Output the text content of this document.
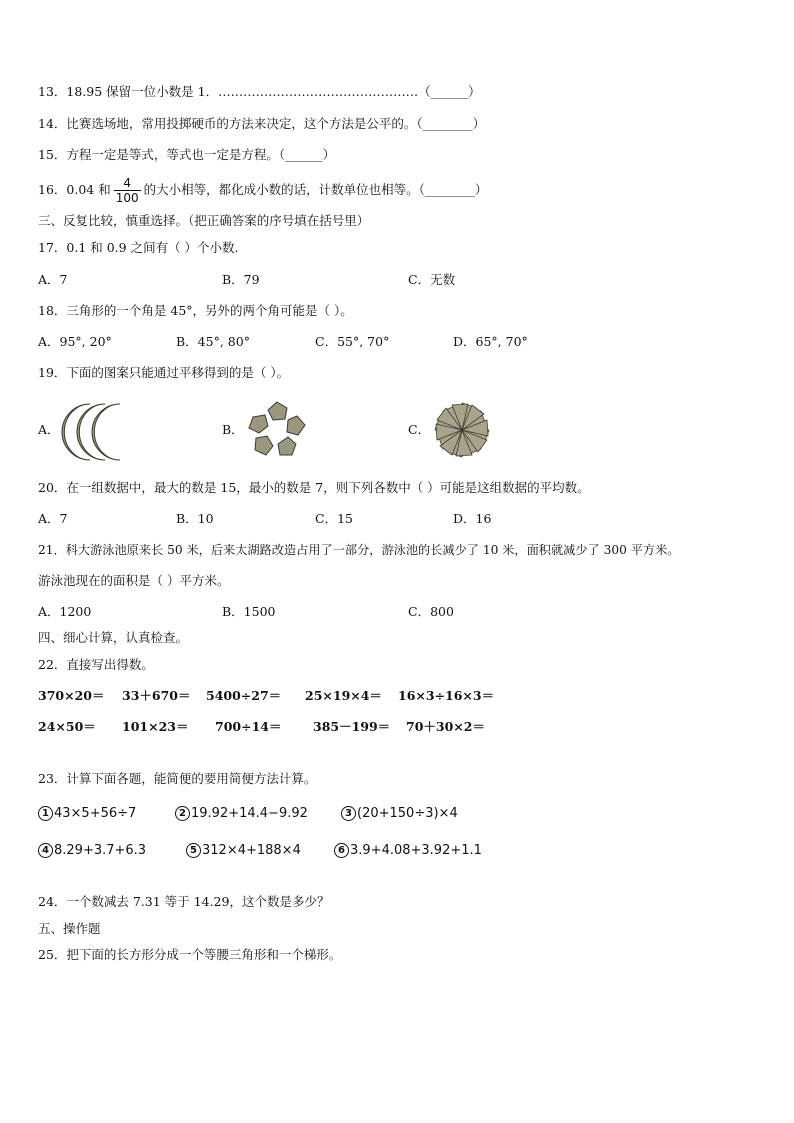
13．18.95 保留一位小数是 1．…………………………………………（______）
14．比赛选场地，常用投掷硬币的方法来决定，这个方法是公平的。（________）
15．方程一定是等式，等式也一定是方程。（______）
16．0.04 和 $\frac{4}{100}$ 的大小相等，都化成小数的话，计数单位也相等。（________）
三、反复比较，慎重选择。（把正确答案的序号填在括号里）
17．0.1 和 0.9 之间有（ ）个小数.
A．7	B．79	C．无数
18．三角形的一个角是 45°，另外的两个角可能是（ ）。
A．95°, 20°	B．45°, 80°	C．55°, 70°	D．65°, 70°
19．下面的图案只能通过平移得到的是（ ）。
A．	B．	C．
20．在一组数据中，最大的数是 15，最小的数是 7，则下列各数中（ ）可能是这组数据的平均数。
A．7	B．10	C．15	D．16
21．科大游泳池原来长 50 米，后来太湖路改造占用了一部分，游泳池的长减少了 10 米，面积就减少了 300 平方米。
游泳池现在的面积是（ ）平方米。
A．1200	B．1500	C．800
四、细心计算，认真检查。
22．直接写出得数。
370×20＝ 33＋670＝ 5400÷27＝ 25×19×4＝ 16×3÷16×3＝
24×50＝ 101×23＝ 700÷14＝	385－199＝ 70＋30×2＝
23．计算下面各题，能简便的要用简便方法计算。
1 43×5+56÷7	2 19.92+14.4−9.92	3 (20+150÷3)×4
4 8.29+3.7+6.3	5 312×4+188×4	6 3.9+4.08+3.92+1.1
24．一个数减去 7.31 等于 14.29，这个数是多少？
五、操作题
25．把下面的长方形分成一个等腰三角形和一个梯形。
